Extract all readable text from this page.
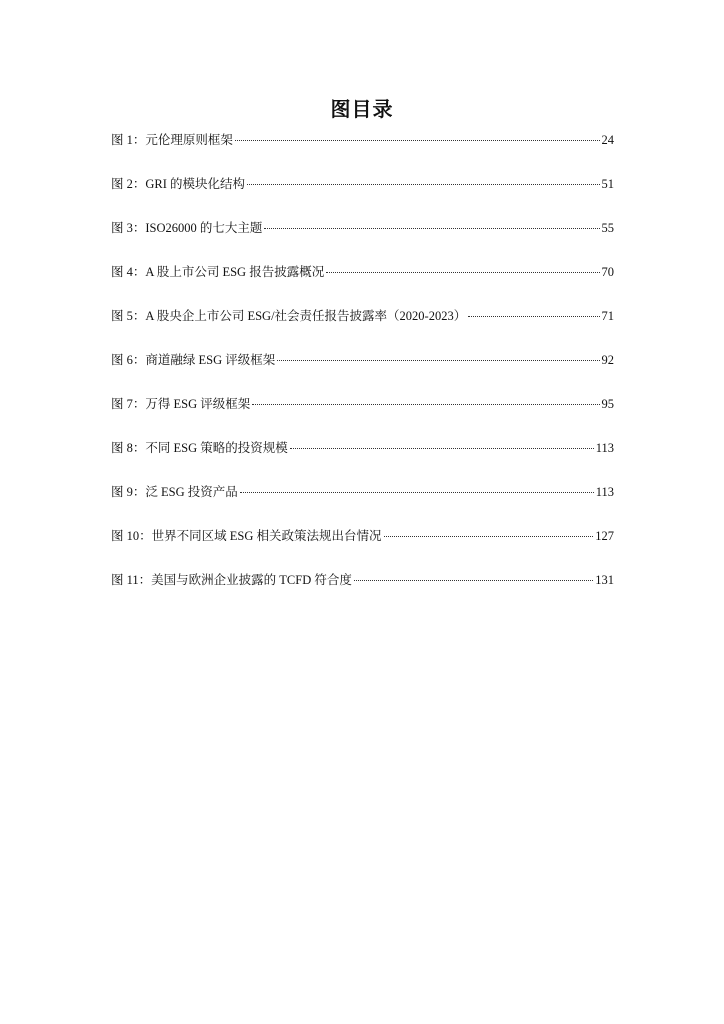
图目录
图 1：元伦理原则框架	24
图 2：GRI 的模块化结构	51
图 3：ISO26000 的七大主题	55
图 4：A 股上市公司 ESG 报告披露概况	70
图 5：A 股央企上市公司 ESG/社会责任报告披露率（2020-2023）	71
图 6：商道融绿 ESG 评级框架	92
图 7：万得 ESG 评级框架	95
图 8：不同 ESG 策略的投资规模	113
图 9：泛 ESG 投资产品	113
图 10：世界不同区域 ESG 相关政策法规出台情况	127
图 11：美国与欧洲企业披露的 TCFD 符合度	131
